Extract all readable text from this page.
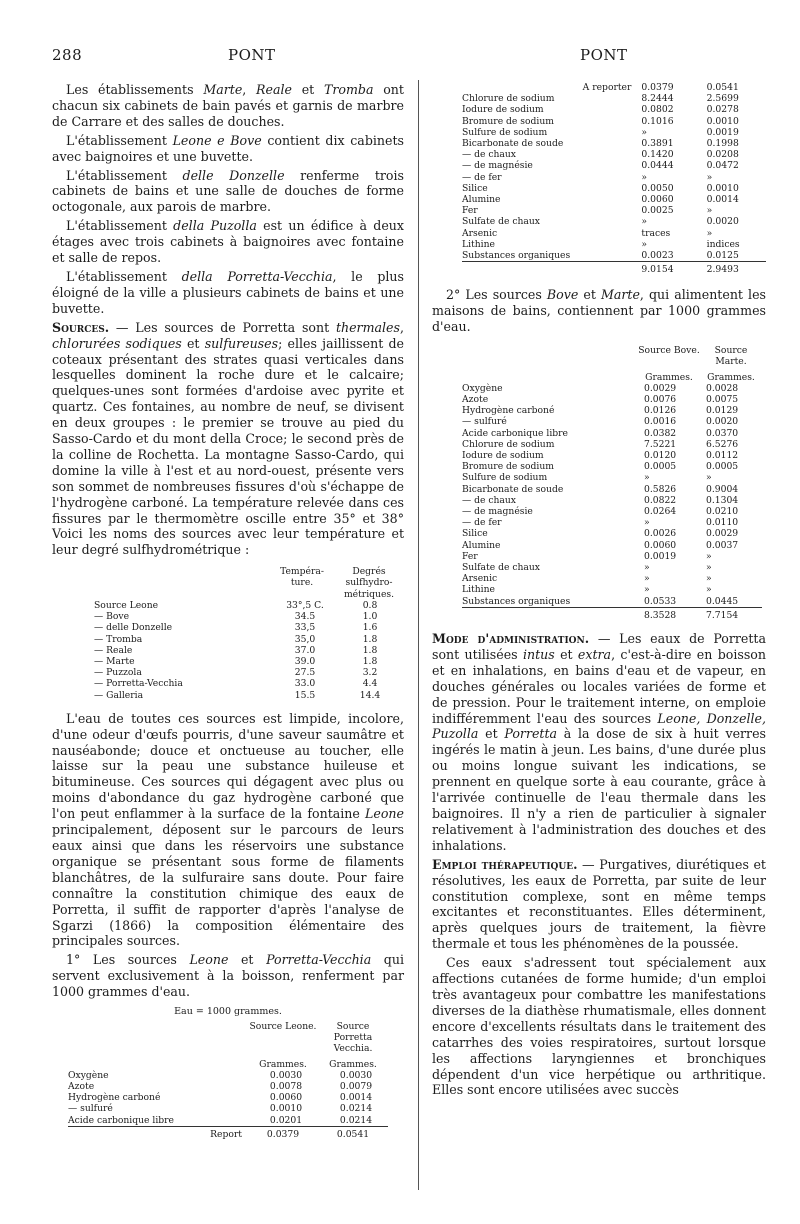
288	PONT	PONT

Les établissements Marte, Reale et Tromba ont chacun six cabinets de bain pavés et garnis de marbre de Carrare et des salles de douches.

L'établissement Leone e Bove contient dix cabinets avec baignoires et une buvette.

L'établissement delle Donzelle renferme trois cabinets de bains et une salle de douches de forme octogonale, aux parois de marbre.

L'établissement della Puzolla est un édifice à deux étages avec trois cabinets à baignoires avec fontaine et salle de repos.

L'établissement della Porretta-Vecchia, le plus éloigné de la ville a plusieurs cabinets de bains et une buvette.

Sources. — Les sources de Porretta sont thermales, chlorurées sodiques et sulfureuses; elles jaillissent de coteaux présentant des strates quasi verticales dans lesquelles dominent la roche dure et le calcaire; quelques-unes sont formées d'ardoise avec pyrite et quartz. Ces fontaines, au nombre de neuf, se divisent en deux groupes : le premier se trouve au pied du Sasso-Cardo et du mont della Croce; le second près de la colline de Rochetta. La montagne Sasso-Cardo, qui domine la ville à l'est et au nord-ouest, présente vers son sommet de nombreuses fissures d'où s'échappe de l'hydrogène carboné. La température relevée dans ces fissures par le thermomètre oscille entre 35° et 38° Voici les noms des sources avec leur température et leur degré sulfhydrométrique :

	Tempéra-ture.	Degrés sulfhydro-métriques.
Source Leone	33°,5 C.	0.8
— Bove	34.5	1.0
— delle Donzelle	33,5	1.6
— Tromba	35,0	1.8
— Reale	37.0	1.8
— Marte	39.0	1.8
— Puzzola	27.5	3.2
— Porretta-Vecchia	33.0	4.4
— Galleria	15.5	14.4

L'eau de toutes ces sources est limpide, incolore, d'une odeur d'œufs pourris, d'une saveur saumâtre et nauséabonde; douce et onctueuse au toucher, elle laisse sur la peau une substance huileuse et bitumineuse. Ces sources qui dégagent avec plus ou moins d'abondance du gaz hydrogène carboné que l'on peut enflammer à la surface de la fontaine Leone principalement, déposent sur le parcours de leurs eaux ainsi que dans les réservoirs une substance organique se présentant sous forme de filaments blanchâtres, de la sulfuraire sans doute. Pour faire connaître la constitution chimique des eaux de Porretta, il suffit de rapporter d'après l'analyse de Sgarzi (1866) la composition élémentaire des principales sources.

1° Les sources Leone et Porretta-Vecchia qui servent exclusivement à la boisson, renferment par 1000 grammes d'eau.

Eau = 1000 grammes.
	Source Leone.	Source Porretta Vecchia.
	Grammes.	Grammes.
Oxygène	0.0030	0.0030
Azote	0.0078	0.0079
Hydrogène carboné	0.0060	0.0014
— sulfuré	0.0010	0.0214
Acide carbonique libre	0.0201	0.0214
Report	0.0379	0.0541
A reporter	0.0379	0.0541
Chlorure de sodium	8.2444	2.5699
Iodure de sodium	0.0802	0.0278
Bromure de sodium	0.1016	0.0010
Sulfure de sodium	»	0.0019
Bicarbonate de soude	0.3891	0.1998
— de chaux	0.1420	0.0208
— de magnésie	0.0444	0.0472
— de fer	»	»
Silice	0.0050	0.0010
Alumine	0.0060	0.0014
Fer	0.0025	»
Sulfate de chaux	»	0.0020
Arsenic	traces	»
Lithine	»	indices
Substances organiques	0.0023	0.0125
	9.0154	2.9493

2° Les sources Bove et Marte, qui alimentent les maisons de bains, contiennent par 1000 grammes d'eau.

	Source Bove.	Source Marte.
	Grammes.	Grammes.
Oxygène	0.0029	0.0028
Azote	0.0076	0.0075
Hydrogène carboné	0.0126	0.0129
— sulfuré	0.0016	0.0020
Acide carbonique libre	0.0382	0.0370
Chlorure de sodium	7.5221	6.5276
Iodure de sodium	0.0120	0.0112
Bromure de sodium	0.0005	0.0005
Sulfure de sodium	»	»
Bicarbonate de soude	0.5826	0.9004
— de chaux	0.0822	0.1304
— de magnésie	0.0264	0.0210
— de fer	»	0.0110
Silice	0.0026	0.0029
Alumine	0.0060	0.0037
Fer	0.0019	»
Sulfate de chaux	»	»
Arsenic	»	»
Lithine	»	»
Substances organiques	0.0533	0.0445
	8.3528	7.7154

Mode d'administration. — Les eaux de Porretta sont utilisées intus et extra, c'est-à-dire en boisson et en inhalations, en bains d'eau et de vapeur, en douches générales ou locales variées de forme et de pression. Pour le traitement interne, on emploie indifféremment l'eau des sources Leone, Donzelle, Puzolla et Porretta à la dose de six à huit verres ingérés le matin à jeun. Les bains, d'une durée plus ou moins longue suivant les indications, se prennent en quelque sorte à eau courante, grâce à l'arrivée continuelle de l'eau thermale dans les baignoires. Il n'y a rien de particulier à signaler relativement à l'administration des douches et des inhalations.

Emploi thérapeutique. — Purgatives, diurétiques et résolutives, les eaux de Porretta, par suite de leur constitution complexe, sont en même temps excitantes et reconstituantes. Elles déterminent, après quelques jours de traitement, la fièvre thermale et tous les phénomènes de la poussée.

Ces eaux s'adressent tout spécialement aux affections cutanées de forme humide; d'un emploi très avantageux pour combattre les manifestations diverses de la diathèse rhumatismale, elles donnent encore d'excellents résultats dans le traitement des catarrhes des voies respiratoires, surtout lorsque les affections laryngiennes et bronchiques dépendent d'un vice herpétique ou arthritique. Elles sont encore utilisées avec succès
